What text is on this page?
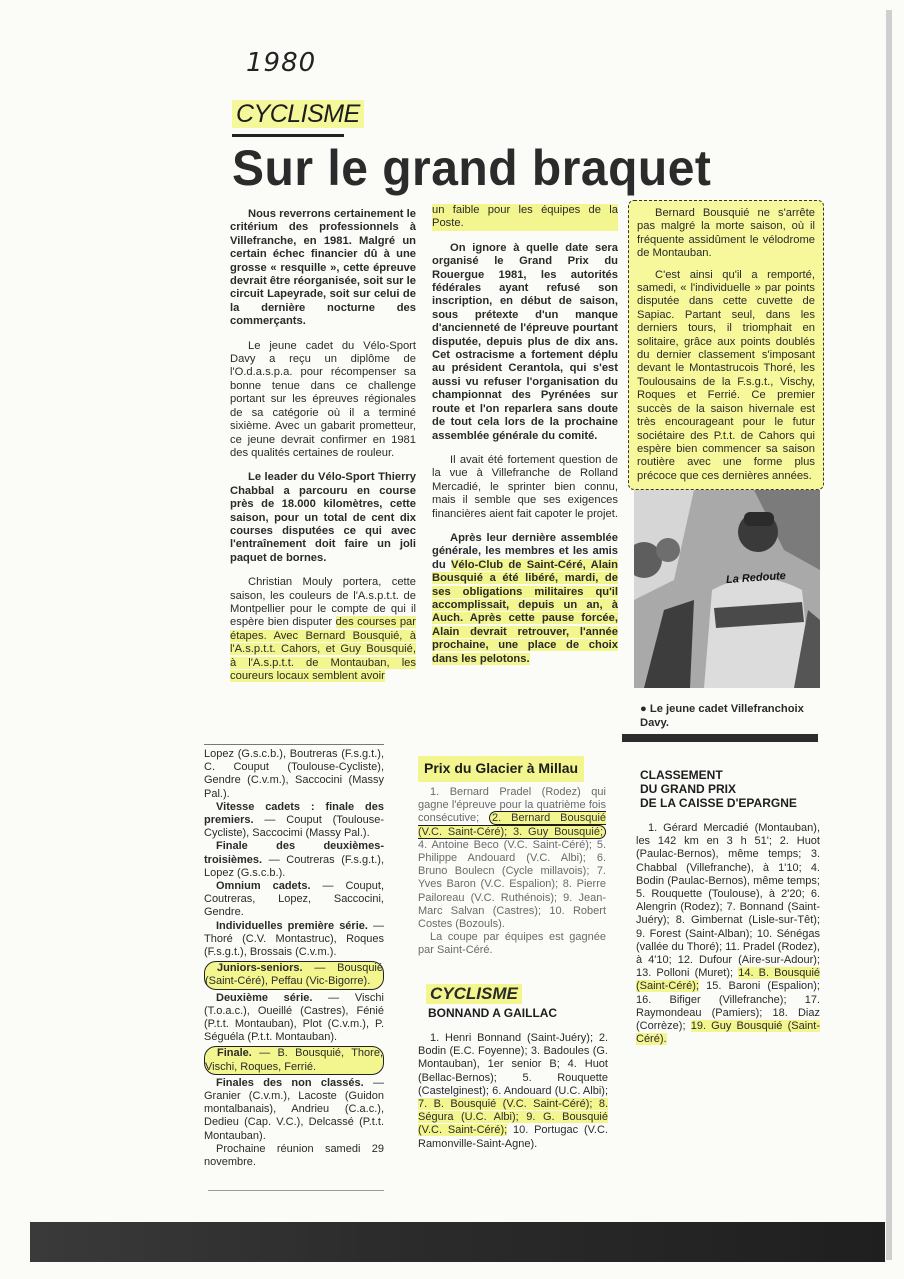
1980
CYCLISME
Sur le grand braquet

Nous reverrons certainement le critérium des professionnels à Villefranche, en 1981. Malgré un certain échec financier dû à une grosse « resquille », cette épreuve devrait être réorganisée, soit sur le circuit Lapeyrade, soit sur celui de la dernière nocturne des commerçants.

Le jeune cadet du Vélo-Sport Davy a reçu un diplôme de l'O.d.a.s.p.a. pour récompenser sa bonne tenue dans ce challenge portant sur les épreuves régionales de sa catégorie où il a terminé sixième. Avec un gabarit prometteur, ce jeune devrait confirmer en 1981 des qualités certaines de rouleur.

Le leader du Vélo-Sport Thierry Chabbal a parcouru en course près de 18.000 kilomètres, cette saison, pour un total de cent dix courses disputées ce qui avec l'entraînement doit faire un joli paquet de bornes.

Christian Mouly portera, cette saison, les couleurs de l'A.s.p.t.t. de Montpellier pour le compte de qui il espère bien disputer des courses par étapes. Avec Bernard Bousquié, à l'A.s.p.t.t. Cahors, et Guy Bousquié, à l'A.s.p.t.t. de Montauban, les coureurs locaux semblent avoir

un faible pour les équipes de la Poste.

On ignore à quelle date sera organisé le Grand Prix du Rouergue 1981, les autorités fédérales ayant refusé son inscription, en début de saison, sous prétexte d'un manque d'ancienneté de l'épreuve pourtant disputée, depuis plus de dix ans. Cet ostracisme a fortement déplu au président Cerantola, qui s'est aussi vu refuser l'organisation du championnat des Pyrénées sur route et l'on reparlera sans doute de tout cela lors de la prochaine assemblée générale du comité.

Il avait été fortement question de la vue à Villefranche de Rolland Mercadié, le sprinter bien connu, mais il semble que ses exigences financières aient fait capoter le projet.

Après leur dernière assemblée générale, les membres et les amis du Vélo-Club de Saint-Céré, Alain Bousquié a été libéré, mardi, de ses obligations militaires qu'il accomplissait, depuis un an, à Auch. Après cette pause forcée, Alain devrait retrouver, l'année prochaine, une place de choix dans les pelotons.

Bernard Bousquié ne s'arrête pas malgré la morte saison, où il fréquente assidûment le vélodrome de Montauban.

C'est ainsi qu'il a remporté, samedi, « l'individuelle » par points disputée dans cette cuvette de Sapiac. Partant seul, dans les derniers tours, il triomphait en solitaire, grâce aux points doublés du dernier classement s'imposant devant le Montastrucois Thoré, les Toulousains de la F.s.g.t., Vischy, Roques et Ferrié. Ce premier succès de la saison hivernale est très encourageant pour le futur sociétaire des P.t.t. de Cahors qui espère bien commencer sa saison routière avec une forme plus précoce que ces dernières années.

La Redoute
● Le jeune cadet Villefranchoix Davy.

Lopez (G.s.c.b.), Boutreras (F.s.g.t.), C. Couput (Toulouse-Cycliste), Gendre (C.v.m.), Saccocini (Massy Pal.).

Vitesse cadets : finale des premiers. — Couput (Toulouse-Cycliste), Saccocimi (Massy Pal.).

Finale des deuxièmes-troisièmes. — Coutreras (F.s.g.t.), Lopez (G.s.c.b.).

Omnium cadets. — Couput, Coutreras, Lopez, Saccocini, Gendre.

Individuelles première série. — Thoré (C.V. Montastruc), Roques (F.s.g.t.), Brossais (C.v.m.).

Juniors-seniors. — Bousquié (Saint-Céré), Peffau (Vic-Bigorre).

Deuxième série. — Vischi (T.o.a.c.), Oueillé (Castres), Fénié (P.t.t. Montauban), Plot (C.v.m.), P. Séguéla (P.t.t. Montauban).

Finale. — B. Bousquié, Thore, Vischi, Roques, Ferrié.

Finales des non classés. — Granier (C.v.m.), Lacoste (Guidon montalbanais), Andrieu (C.a.c.), Dedieu (Cap. V.C.), Delcassé (P.t.t. Montauban).

Prochaine réunion samedi 29 novembre.

Prix du Glacier à Millau

1. Bernard Pradel (Rodez) qui gagne l'épreuve pour la quatrième fois consécutive; 2. Bernard Bousquié (V.C. Saint-Céré); 3. Guy Bousquié; 4. Antoine Beco (V.C. Saint-Céré); 5. Philippe Andouard (V.C. Albi); 6. Bruno Boulecn (Cycle millavois); 7. Yves Baron (V.C. Espalion); 8. Pierre Pailoreau (V.C. Ruthénois); 9. Jean-Marc Salvan (Castres); 10. Robert Costes (Bozouls).

La coupe par équipes est gagnée par Saint-Céré.

CYCLISME
BONNAND A GAILLAC

1. Henri Bonnand (Saint-Juéry); 2. Bodin (E.C. Foyenne); 3. Badoules (G. Montauban), 1er senior B; 4. Huot (Bellac-Bernos); 5. Rouquette (Castelginest); 6. Andouard (U.C. Albi); 7. B. Bousquié (V.C. Saint-Céré); 8. Ségura (U.C. Albi); 9. G. Bousquié (V.C. Saint-Céré); 10. Portugac (V.C. Ramonville-Saint-Agne).

CLASSEMENT
DU GRAND PRIX
DE LA CAISSE D'EPARGNE

1. Gérard Mercadié (Montauban), les 142 km en 3 h 51'; 2. Huot (Paulac-Bernos), même temps; 3. Chabbal (Villefranche), à 1'10; 4. Bodin (Paulac-Bernos), même temps; 5. Rouquette (Toulouse), à 2'20; 6. Alengrin (Rodez); 7. Bonnand (Saint-Juéry); 8. Gimbernat (Lisle-sur-Têt); 9. Forest (Saint-Alban); 10. Sénégas (vallée du Thoré); 11. Pradel (Rodez), à 4'10; 12. Dufour (Aire-sur-Adour); 13. Polloni (Muret); 14. B. Bousquié (Saint-Céré); 15. Baroni (Espalion); 16. Bifiger (Villefranche); 17. Raymondeau (Pamiers); 18. Diaz (Corrèze); 19. Guy Bousquié (Saint-Céré).
